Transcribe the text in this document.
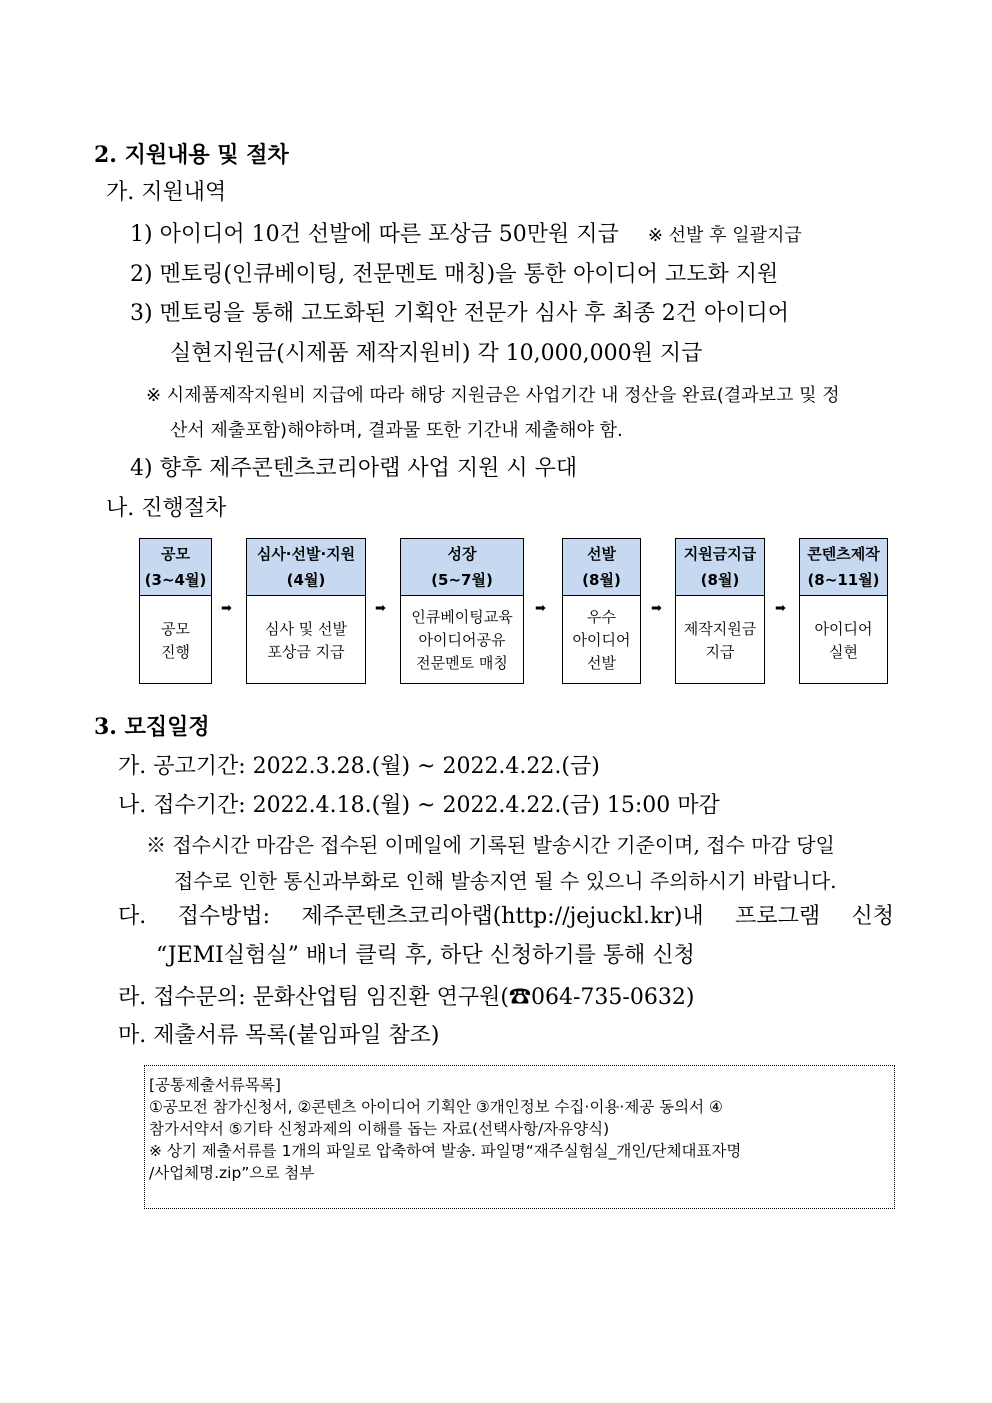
2. 지원내용 및 절차
가. 지원내역
1) 아이디어 10건 선발에 따른 포상금 50만원 지급 ※ 선발 후 일괄지급
2) 멘토링(인큐베이팅, 전문멘토 매칭)을 통한 아이디어 고도화 지원
3) 멘토링을 통해 고도화된 기획안 전문가 심사 후 최종 2건 아이디어
실현지원금(시제품 제작지원비) 각 10,000,000원 지급
※ 시제품제작지원비 지급에 따라 해당 지원금은 사업기간 내 정산을 완료(결과보고 및 정
산서 제출포함)해야하며, 결과물 또한 기간내 제출해야 함.
4) 향후 제주콘텐츠코리아랩 사업 지원 시 우대
나. 진행절차
공모
(3~4월)
공모
진행
➡
심사·선발·지원
(4월)
심사 및 선발
포상금 지급
➡
성장
(5~7월)
인큐베이팅교육
아이디어공유
전문멘토 매칭
➡
선발
(8월)
우수
아이디어
선발
➡
지원금지급
(8월)
제작지원금
지급
➡
콘텐츠제작
(8~11월)
아이디어
실현
3. 모집일정
가. 공고기간: 2022.3.28.(월) ~ 2022.4.22.(금)
나. 접수기간: 2022.4.18.(월) ~ 2022.4.22.(금) 15:00 마감
※ 접수시간 마감은 접수된 이메일에 기록된 발송시간 기준이며, 접수 마감 당일
접수로 인한 통신과부화로 인해 발송지연 될 수 있으니 주의하시기 바랍니다.
다. 접수방법: 제주콘텐츠코리아랩(http://jejuckl.kr)내 프로그램 신청
“JEMI실험실” 배너 클릭 후, 하단 신청하기를 통해 신청
라. 접수문의: 문화산업팀 임진환 연구원(☎064-735-0632)
마. 제출서류 목록(붙임파일 참조)
[공통제출서류목록]
①공모전 참가신청서, ②콘텐츠 아이디어 기획안 ③개인정보 수집·이용·제공 동의서 ④
참가서약서 ⑤기타 신청과제의 이해를 돕는 자료(선택사항/자유양식)
※ 상기 제출서류를 1개의 파일로 압축하여 발송. 파일명“재주실험실_개인/단체대표자명
/사업체명.zip”으로 첨부
